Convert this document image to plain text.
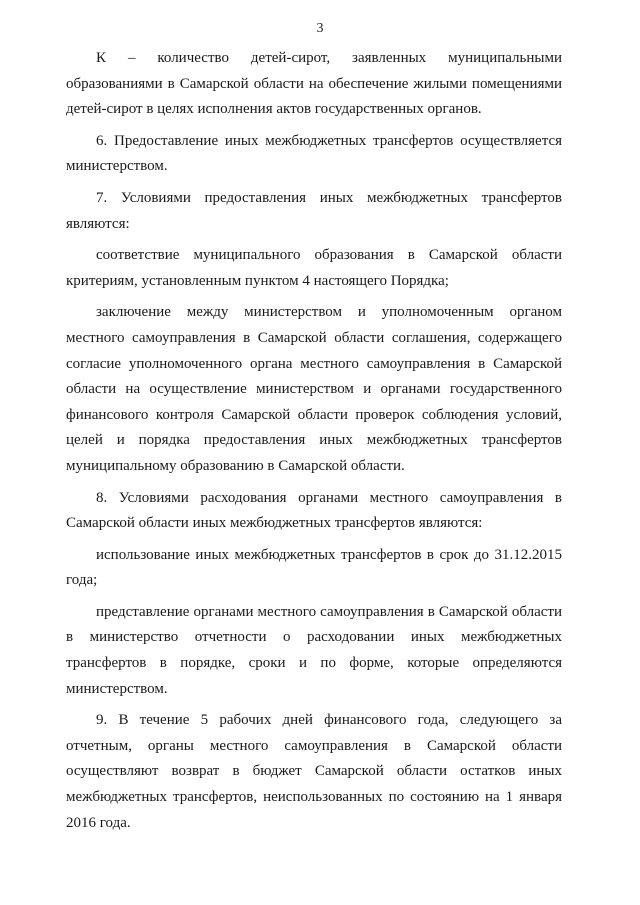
3

К – количество детей-сирот, заявленных муниципальными образованиями в Самарской области на обеспечение жилыми помещениями детей-сирот в целях исполнения актов государственных органов.

6. Предоставление иных межбюджетных трансфертов осуществляется министерством.

7. Условиями предоставления иных межбюджетных трансфертов являются:

соответствие муниципального образования в Самарской области критериям, установленным пунктом 4 настоящего Порядка;

заключение между министерством и уполномоченным органом местного самоуправления в Самарской области соглашения, содержащего согласие уполномоченного органа местного самоуправления в Самарской области на осуществление министерством и органами государственного финансового контроля Самарской области проверок соблюдения условий, целей и порядка предоставления иных межбюджетных трансфертов муниципальному образованию в Самарской области.

8. Условиями расходования органами местного самоуправления в Самарской области иных межбюджетных трансфертов являются:

использование иных межбюджетных трансфертов в срок до 31.12.2015 года;

представление органами местного самоуправления в Самарской области в министерство отчетности о расходовании иных межбюджетных трансфертов в порядке, сроки и по форме, которые определяются министерством.

9. В течение 5 рабочих дней финансового года, следующего за отчетным, органы местного самоуправления в Самарской области осуществляют возврат в бюджет Самарской области остатков иных межбюджетных трансфертов, неиспользованных по состоянию на 1 января 2016 года.
